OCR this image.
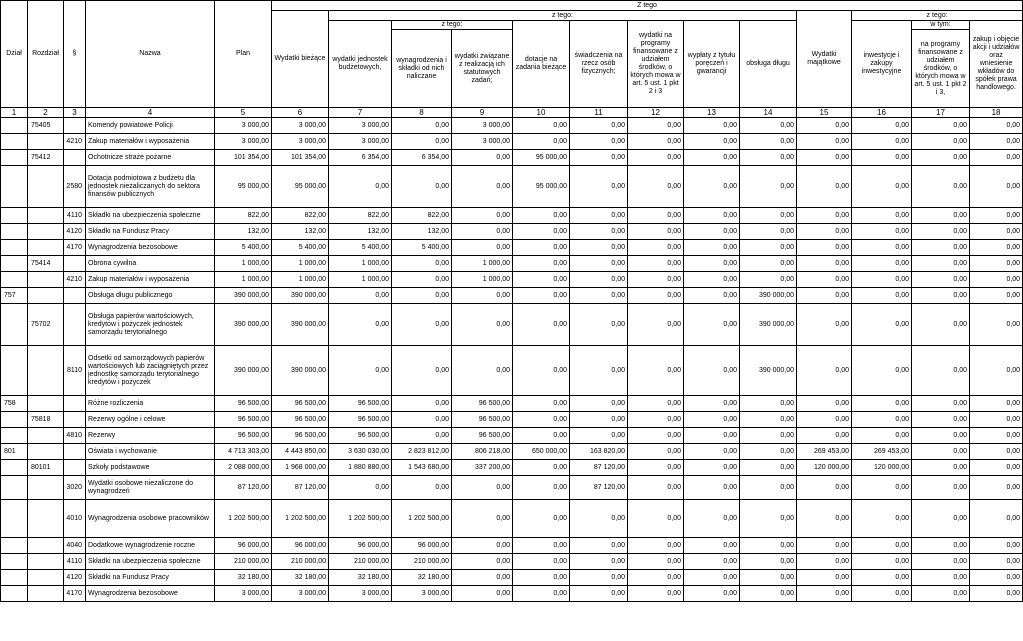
Dział	Rozdział	§	Nazwa	Plan	Z tego												
					Wydatki bieżące	z tego:								Wydatki majątkowe	z tego:		
						wydatki jednostek budżetowych,	z tego:		dotacje na zadania bieżące	świadczenia na rzecz osób fizycznych;	wydatki na programy finansowane z udziałem środków, o których mowa w art. 5 ust. 1 pkt 2 i 3	wypłaty z tytułu poręczeń i gwarancji	obsługa długu		inwestycje i zakupy inwestycyjne	w tym:	zakup i objęcie akcji i udziałów oraz wniesienie wkładów do spółek prawa handlowego.
							wynagrodzenia i składki od nich naliczane	wydatki związane z realizacją ich statutowych zadań;								na programy finansowane z udziałem środków, o których mowa w art. 5 ust. 1 pkt 2 i 3,	
1	2	3	4	5	6	7	8	9	10	11	12	13	14	15	16	17	18
	75405		Komendy powiatowe Policji	3 000,00	3 000,00	3 000,00	0,00	3 000,00	0,00	0,00	0,00	0,00	0,00	0,00	0,00	0,00	0,00
		4210	Zakup materiałów i wyposażenia	3 000,00	3 000,00	3 000,00	0,00	3 000,00	0,00	0,00	0,00	0,00	0,00	0,00	0,00	0,00	0,00
	75412		Ochotnicze straże pożarne	101 354,00	101 354,00	6 354,00	6 354,00	0,00	95 000,00	0,00	0,00	0,00	0,00	0,00	0,00	0,00	0,00
		2580	Dotacja podmiotowa z budżetu dla jednostek niezaliczanych do sektora finansów publicznych	95 000,00	95 000,00	0,00	0,00	0,00	95 000,00	0,00	0,00	0,00	0,00	0,00	0,00	0,00	0,00
		4110	Składki na ubezpieczenia społeczne	822,00	822,00	822,00	822,00	0,00	0,00	0,00	0,00	0,00	0,00	0,00	0,00	0,00	0,00
		4120	Składki na Fundusz Pracy	132,00	132,00	132,00	132,00	0,00	0,00	0,00	0,00	0,00	0,00	0,00	0,00	0,00	0,00
		4170	Wynagrodzenia bezosobowe	5 400,00	5 400,00	5 400,00	5 400,00	0,00	0,00	0,00	0,00	0,00	0,00	0,00	0,00	0,00	0,00
	75414		Obrona cywilna	1 000,00	1 000,00	1 000,00	0,00	1 000,00	0,00	0,00	0,00	0,00	0,00	0,00	0,00	0,00	0,00
		4210	Zakup materiałów i wyposażenia	1 000,00	1 000,00	1 000,00	0,00	1 000,00	0,00	0,00	0,00	0,00	0,00	0,00	0,00	0,00	0,00
757			Obsługa długu publicznego	390 000,00	390 000,00	0,00	0,00	0,00	0,00	0,00	0,00	0,00	390 000,00	0,00	0,00	0,00	0,00
	75702		Obsługa papierów wartościowych, kredytów i pożyczek jednostek samorządu terytorialnego	390 000,00	390 000,00	0,00	0,00	0,00	0,00	0,00	0,00	0,00	390 000,00	0,00	0,00	0,00	0,00
		8110	Odsetki od samorządowych papierów wartościowych lub zaciągniętych przez jednostkę samorządu terytorialnego kredytów i pożyczek	390 000,00	390 000,00	0,00	0,00	0,00	0,00	0,00	0,00	0,00	390 000,00	0,00	0,00	0,00	0,00
758			Różne rozliczenia	96 500,00	96 500,00	96 500,00	0,00	96 500,00	0,00	0,00	0,00	0,00	0,00	0,00	0,00	0,00	0,00
	75818		Rezerwy ogólne i celowe	96 500,00	96 500,00	96 500,00	0,00	96 500,00	0,00	0,00	0,00	0,00	0,00	0,00	0,00	0,00	0,00
		4810	Rezerwy	96 500,00	96 500,00	96 500,00	0,00	96 500,00	0,00	0,00	0,00	0,00	0,00	0,00	0,00	0,00	0,00
801			Oświata i wychowanie	4 713 303,00	4 443 850,00	3 630 030,00	2 823 812,00	806 218,00	650 000,00	163 820,00	0,00	0,00	0,00	269 453,00	269 453,00	0,00	0,00
	80101		Szkoły podstawowe	2 088 000,00	1 968 000,00	1 880 880,00	1 543 680,00	337 200,00	0,00	87 120,00	0,00	0,00	0,00	120 000,00	120 000,00	0,00	0,00
		3020	Wydatki osobowe niezaliczone do wynagrodzeń	87 120,00	87 120,00	0,00	0,00	0,00	0,00	87 120,00	0,00	0,00	0,00	0,00	0,00	0,00	0,00
		4010	Wynagrodzenia osobowe pracowników	1 202 500,00	1 202 500,00	1 202 500,00	1 202 500,00	0,00	0,00	0,00	0,00	0,00	0,00	0,00	0,00	0,00	0,00
		4040	Dodatkowe wynagrodzenie roczne	96 000,00	96 000,00	96 000,00	96 000,00	0,00	0,00	0,00	0,00	0,00	0,00	0,00	0,00	0,00	0,00
		4110	Składki na ubezpieczenia społeczne	210 000,00	210 000,00	210 000,00	210 000,00	0,00	0,00	0,00	0,00	0,00	0,00	0,00	0,00	0,00	0,00
		4120	Składki na Fundusz Pracy	32 180,00	32 180,00	32 180,00	32 180,00	0,00	0,00	0,00	0,00	0,00	0,00	0,00	0,00	0,00	0,00
		4170	Wynagrodzenia bezosobowe	3 000,00	3 000,00	3 000,00	3 000,00	0,00	0,00	0,00	0,00	0,00	0,00	0,00	0,00	0,00	0,00
